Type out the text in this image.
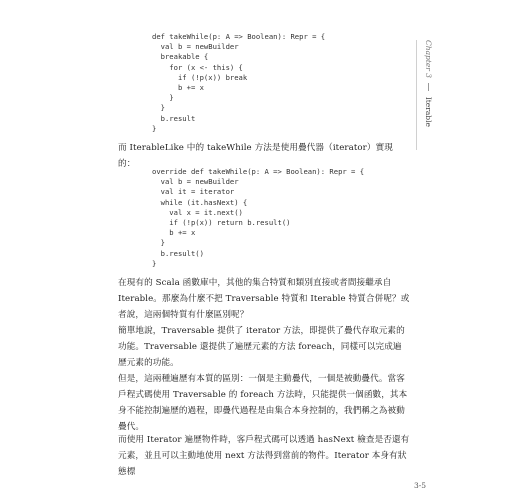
def takeWhile(p: A => Boolean): Repr = {
val b = newBuilder
breakable {
for (x <- this) {
if (!p(x)) break
b += x
}
}
b.result
}

而 IterableLike 中的 takeWhile 方法是使用疊代器（iterator）實現的：

override def takeWhile(p: A => Boolean): Repr = {
val b = newBuilder
val it = iterator
while (it.hasNext) {
val x = it.next()
if (!p(x)) return b.result()
b += x
}
b.result()
}

在現有的 Scala 函數庫中，其他的集合特質和類別直接或者間接繼承自 Iterable。那麼為什麼不把 Traversable 特質和 Iterable 特質合併呢？或者說，這兩個特質有什麼區別呢？

簡單地說，Traversable 提供了 iterator 方法，即提供了疊代存取元素的功能。Traversable 還提供了遍歷元素的方法 foreach，同樣可以完成遍歷元素的功能。

但是，這兩種遍歷有本質的區別：一個是主動疊代，一個是被動疊代。當客戶程式碼使用 Traversable 的 foreach 方法時，只能提供一個函數，其本身不能控制遍歷的過程，即疊代過程是由集合本身控制的，我們稱之為被動疊代。

而使用 Iterator 遍歷物件時，客戶程式碼可以透過 hasNext 檢查是否還有元素，並且可以主動地使用 next 方法得到當前的物件。Iterator 本身有狀態標

Chapter 3  Iterable
3-5
